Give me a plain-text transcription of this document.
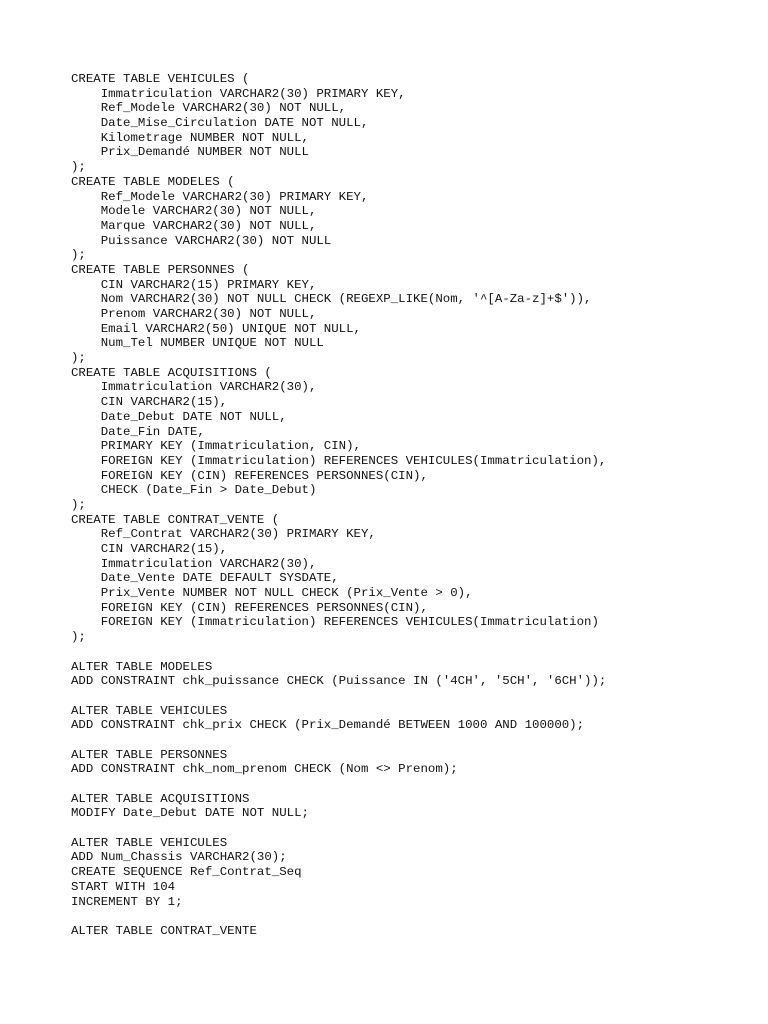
CREATE TABLE VEHICULES (
Immatriculation VARCHAR2(30) PRIMARY KEY,
Ref_Modele VARCHAR2(30) NOT NULL,
Date_Mise_Circulation DATE NOT NULL,
Kilometrage NUMBER NOT NULL,
Prix_Demandé NUMBER NOT NULL
);
CREATE TABLE MODELES (
Ref_Modele VARCHAR2(30) PRIMARY KEY,
Modele VARCHAR2(30) NOT NULL,
Marque VARCHAR2(30) NOT NULL,
Puissance VARCHAR2(30) NOT NULL
);
CREATE TABLE PERSONNES (
CIN VARCHAR2(15) PRIMARY KEY,
Nom VARCHAR2(30) NOT NULL CHECK (REGEXP_LIKE(Nom, '^[A-Za-z]+$')),
Prenom VARCHAR2(30) NOT NULL,
Email VARCHAR2(50) UNIQUE NOT NULL,
Num_Tel NUMBER UNIQUE NOT NULL
);
CREATE TABLE ACQUISITIONS (
Immatriculation VARCHAR2(30),
CIN VARCHAR2(15),
Date_Debut DATE NOT NULL,
Date_Fin DATE,
PRIMARY KEY (Immatriculation, CIN),
FOREIGN KEY (Immatriculation) REFERENCES VEHICULES(Immatriculation),
FOREIGN KEY (CIN) REFERENCES PERSONNES(CIN),
CHECK (Date_Fin > Date_Debut)
);
CREATE TABLE CONTRAT_VENTE (
Ref_Contrat VARCHAR2(30) PRIMARY KEY,
CIN VARCHAR2(15),
Immatriculation VARCHAR2(30),
Date_Vente DATE DEFAULT SYSDATE,
Prix_Vente NUMBER NOT NULL CHECK (Prix_Vente > 0),
FOREIGN KEY (CIN) REFERENCES PERSONNES(CIN),
FOREIGN KEY (Immatriculation) REFERENCES VEHICULES(Immatriculation)
);
ALTER TABLE MODELES
ADD CONSTRAINT chk_puissance CHECK (Puissance IN ('4CH', '5CH', '6CH'));
ALTER TABLE VEHICULES
ADD CONSTRAINT chk_prix CHECK (Prix_Demandé BETWEEN 1000 AND 100000);
ALTER TABLE PERSONNES
ADD CONSTRAINT chk_nom_prenom CHECK (Nom <> Prenom);
ALTER TABLE ACQUISITIONS
MODIFY Date_Debut DATE NOT NULL;
ALTER TABLE VEHICULES
ADD Num_Chassis VARCHAR2(30);
CREATE SEQUENCE Ref_Contrat_Seq
START WITH 104
INCREMENT BY 1;
ALTER TABLE CONTRAT_VENTE
